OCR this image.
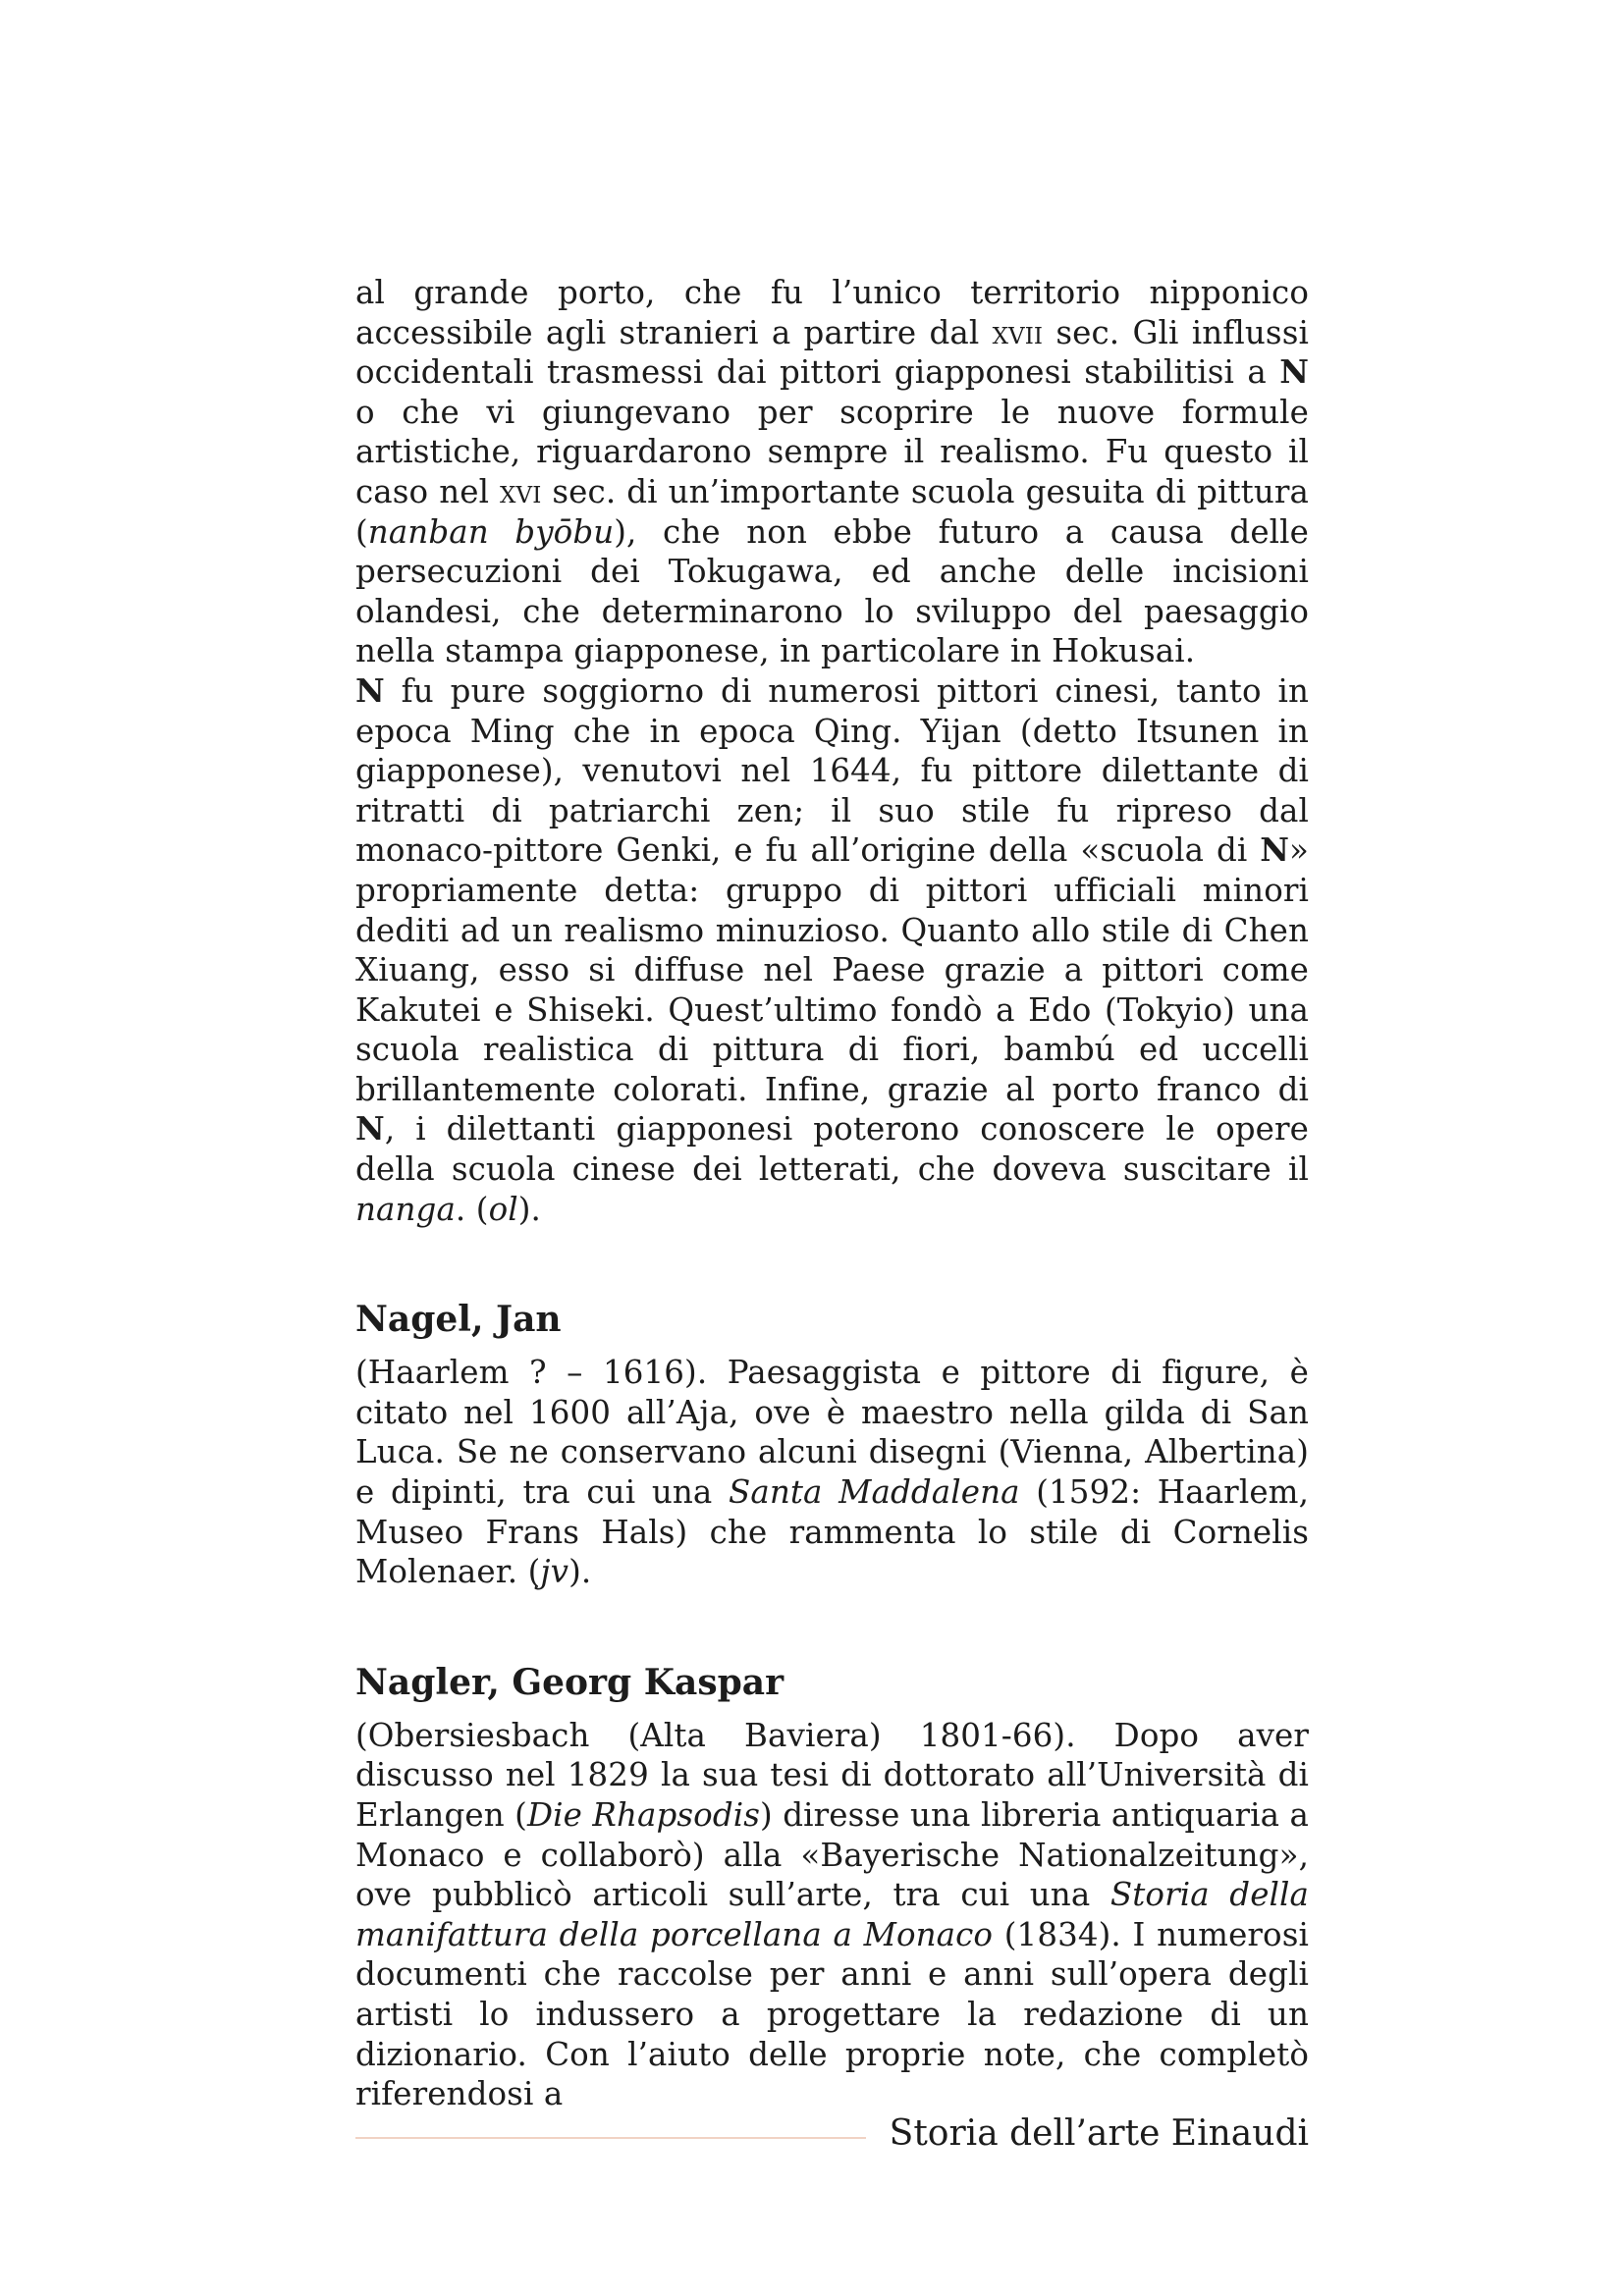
al grande porto, che fu l’unico territorio nipponico accessibile agli stranieri a partire dal xvii sec. Gli influssi occidentali trasmessi dai pittori giapponesi stabilitisi a N o che vi giungevano per scoprire le nuove formule artistiche, riguardarono sempre il realismo. Fu questo il caso nel xvi sec. di un’importante scuola gesuita di pittura (nanban byōbu), che non ebbe futuro a causa delle persecuzioni dei Tokugawa, ed anche delle incisioni olandesi, che determinarono lo sviluppo del paesaggio nella stampa giapponese, in particolare in Hokusai.

N fu pure soggiorno di numerosi pittori cinesi, tanto in epoca Ming che in epoca Qing. Yijan (detto Itsunen in giapponese), venutovi nel 1644, fu pittore dilettante di ritratti di patriarchi zen; il suo stile fu ripreso dal monaco-pittore Genki, e fu all’origine della «scuola di N» propriamente detta: gruppo di pittori ufficiali minori dediti ad un realismo minuzioso. Quanto allo stile di Chen Xiuang, esso si diffuse nel Paese grazie a pittori come Kakutei e Shiseki. Quest’ultimo fondò a Edo (Tokyio) una scuola realistica di pittura di fiori, bambú ed uccelli brillantemente colorati. Infine, grazie al porto franco di N, i dilettanti giapponesi poterono conoscere le opere della scuola cinese dei letterati, che doveva suscitare il nanga. (ol).

Nagel, Jan

(Haarlem ? – 1616). Paesaggista e pittore di figure, è citato nel 1600 all’Aja, ove è maestro nella gilda di San Luca. Se ne conservano alcuni disegni (Vienna, Albertina) e dipinti, tra cui una Santa Maddalena (1592: Haarlem, Museo Frans Hals) che rammenta lo stile di Cornelis Molenaer. (jv).

Nagler, Georg Kaspar

(Obersiesbach (Alta Baviera) 1801-66). Dopo aver discusso nel 1829 la sua tesi di dottorato all’Università di Erlangen (Die Rhapsodis) diresse una libreria antiquaria a Monaco e collaborò) alla «Bayerische Nationalzeitung», ove pubblicò articoli sull’arte, tra cui una Storia della manifattura della porcellana a Monaco (1834). I numerosi documenti che raccolse per anni e anni sull’opera degli artisti lo indussero a progettare la redazione di un dizionario. Con l’aiuto delle proprie note, che completò riferendosi a

Storia dell’arte Einaudi
